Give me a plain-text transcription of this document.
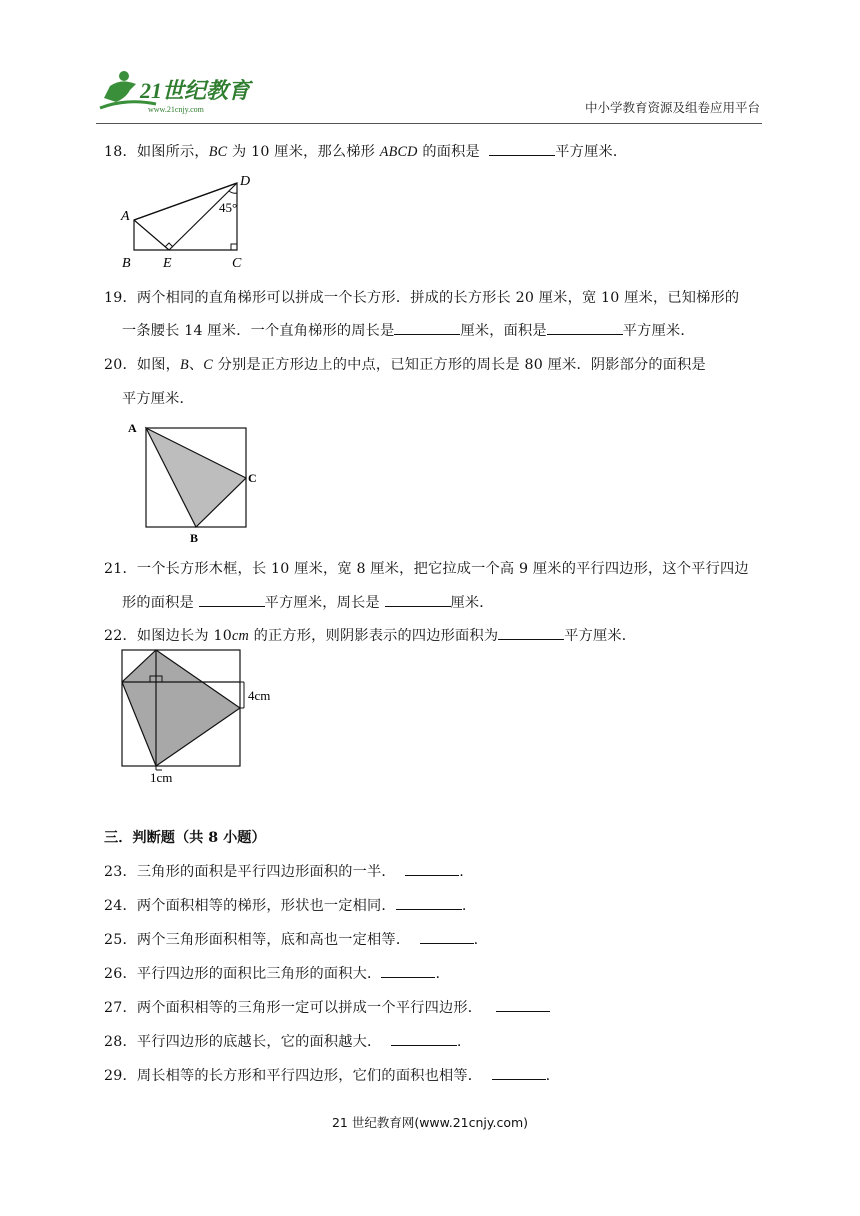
21世纪教育
www.21cnjy.com	中小学教育资源及组卷应用平台
18．如图所示，BC 为 10 厘米，那么梯形 ABCD 的面积是	平方厘米．
A
B E	C
D
45°
19．两个相同的直角梯形可以拼成一个长方形．拼成的长方形长 20 厘米，宽 10 厘米，已知梯形的
一条腰长 14 厘米．一个直角梯形的周长是	厘米，面积是	平方厘米．
20．如图，B、C 分别是正方形边上的中点，已知正方形的周长是 80 厘米．阴影部分的面积是
平方厘米．
A
C
B
21．一个长方形木框，长 10 厘米，宽 8 厘米，把它拉成一个高 9 厘米的平行四边形，这个平行四边
形的面积是	平方厘米，周长是	厘米．
22．如图边长为 10cm 的正方形，则阴影表示的四边形面积为	平方厘米．
4cm
1cm
三．判断题（共 8 小题）
23．三角形的面积是平行四边形面积的一半．	.
24．两个面积相等的梯形，形状也一定相同．	.
25．两个三角形面积相等，底和高也一定相等．	.
26．平行四边形的面积比三角形的面积大．	.
27．两个面积相等的三角形一定可以拼成一个平行四边形．
28．平行四边形的底越长，它的面积越大．	.
29．周长相等的长方形和平行四边形，它们的面积也相等．	.
21 世纪教育网(www.21cnjy.com)
